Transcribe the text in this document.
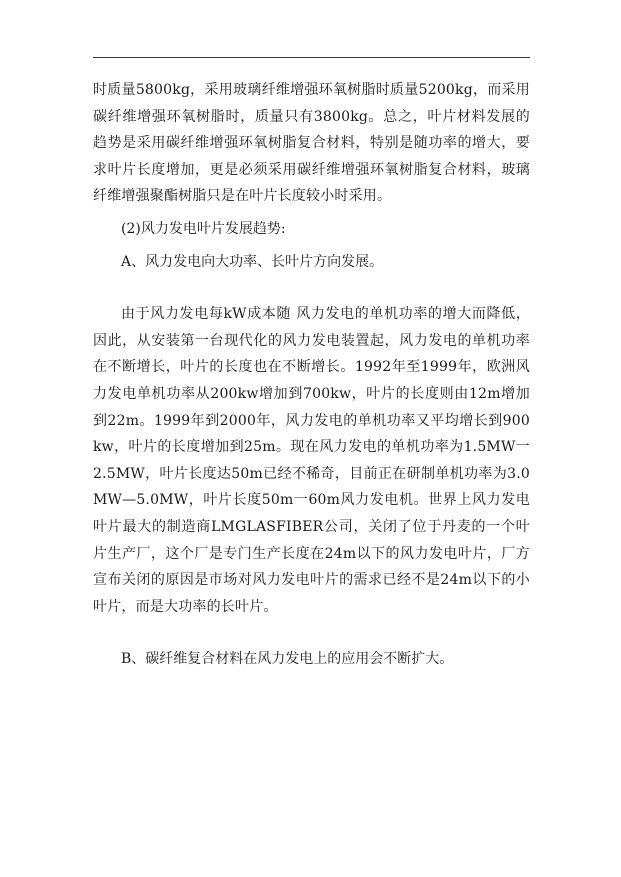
时质量5800kg，采用玻璃纤维增强环氧树脂时质量5200kg，而采用碳纤维增强环氧树脂时，质量只有3800kg。总之，叶片材料发展的趋势是采用碳纤维增强环氧树脂复合材料，特别是随功率的增大，要求叶片长度增加，更是必须采用碳纤维增强环氧树脂复合材料，玻璃纤维增强聚酯树脂只是在叶片长度较小时采用。

(2)风力发电叶片发展趋势:

A、风力发电向大功率、长叶片方向发展。

由于风力发电每kW成本随 风力发电的单机功率的增大而降低，因此，从安装第一台现代化的风力发电装置起，风力发电的单机功率在不断增长，叶片的长度也在不断增长。1992年至1999年，欧洲风力发电单机功率从200kw增加到700kw，叶片的长度则由12m增加到22m。1999年到2000年，风力发电的单机功率又平均增长到900kw，叶片的长度增加到25m。现在风力发电的单机功率为1.5MW一2.5MW，叶片长度达50m已经不稀奇，目前正在研制单机功率为3.0MW—5.0MW，叶片长度50m一60m风力发电机。世界上风力发电叶片最大的制造商LMGLASFIBER公司，关闭了位于丹麦的一个叶片生产厂，这个厂是专门生产长度在24m以下的风力发电叶片，厂方宣布关闭的原因是市场对风力发电叶片的需求已经不是24m以下的小叶片，而是大功率的长叶片。

B、碳纤维复合材料在风力发电上的应用会不断扩大。
